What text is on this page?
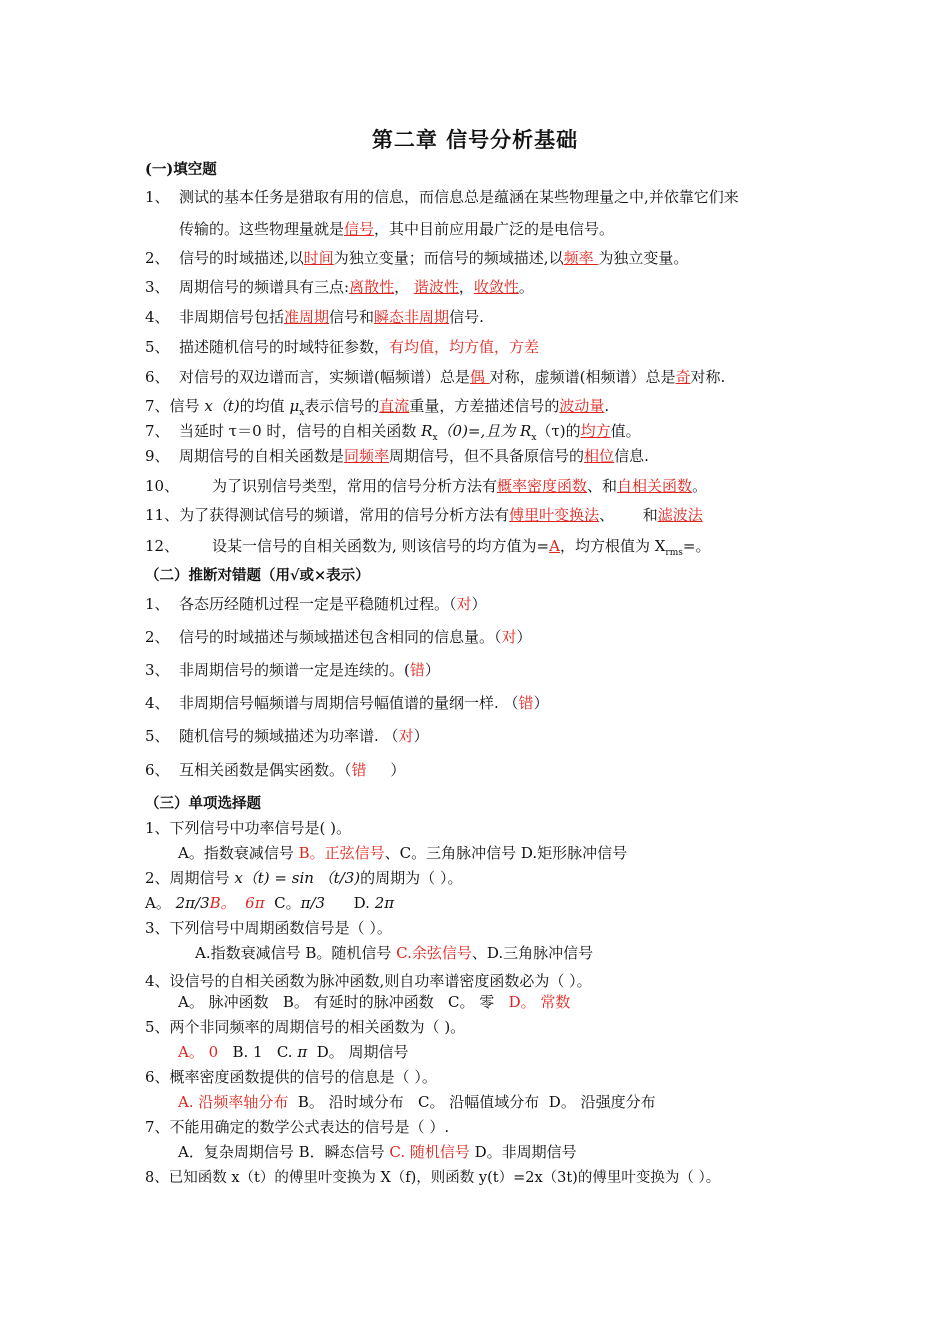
第二章 信号分析基础
(一)填空题
1、 测试的基本任务是猎取有用的信息，而信息总是蕴涵在某些物理量之中,并依靠它们来
传输的。这些物理量就是信号，其中目前应用最广泛的是电信号。
2、 信号的时域描述,以时间为独立变量；而信号的频域描述,以频率 为独立变量。
3、 周期信号的频谱具有三点:离散性， 谐波性，收敛性。
4、 非周期信号包括准周期信号和瞬态非周期信号.
5、 描述随机信号的时域特征参数，有均值，均方值，方差
6、 对信号的双边谱而言，实频谱(幅频谱）总是偶 对称，虚频谱(相频谱）总是奇对称.
7、信号 x（t)的均值 $\mu_x$表示信号的直流重量，方差描述信号的波动量.
7、 当延时 τ＝0 时，信号的自相关函数 $R_x(0)=$,且为 $R_x(\tau)$的均方值。
9、 周期信号的自相关函数是同频率周期信号，但不具备原信号的相位信息.
10、 为了识别信号类型，常用的信号分析方法有概率密度函数、和自相关函数。
11、为了获得测试信号的频谱，常用的信号分析方法有傅里叶变换法、      和滤波法
12、 设某一信号的自相关函数为, 则该信号的均方值为=A，均方根值为 $X_{rms}=$。
（二）推断对错题（用√或×表示）
1、 各态历经随机过程一定是平稳随机过程。（对）
2、 信号的时域描述与频域描述包含相同的信息量。（对）
3、 非周期信号的频谱一定是连续的。(错）
4、 非周期信号幅频谱与周期信号幅值谱的量纲一样. （错）
5、 随机信号的频域描述为功率谱. （对）
6、 互相关函数是偶实函数。（错     ）
（三）单项选择题
1、下列信号中功率信号是( )。
A。指数衰减信号 B。正弦信号、C。三角脉冲信号 D.矩形脉冲信号
2、周期信号 x（t) = sin （t/3)的周期为（ ）。
A。 2π/3B。  6π  C。π/3      D. 2π
3、下列信号中周期函数信号是（ ）。
A.指数衰减信号 B。随机信号 C.余弦信号、D.三角脉冲信号
4、设信号的自相关函数为脉冲函数,则自功率谱密度函数必为（ ）。
A。 脉冲函数   B。 有延时的脉冲函数   C。 零   D。 常数
5、两个非同频率的周期信号的相关函数为（ )。
A。 0   B. 1   C. π  D。 周期信号
6、概率密度函数提供的信号的信息是（ ）。
A. 沿频率轴分布  B。 沿时域分布   C。 沿幅值域分布  D。 沿强度分布
7、不能用确定的数学公式表达的信号是（ ）.
A．复杂周期信号 B．瞬态信号 C. 随机信号 D。非周期信号
8、已知函数 x（t）的傅里叶变换为 X（f)，则函数 y(t）=2x（3t)的傅里叶变换为（ ）。
